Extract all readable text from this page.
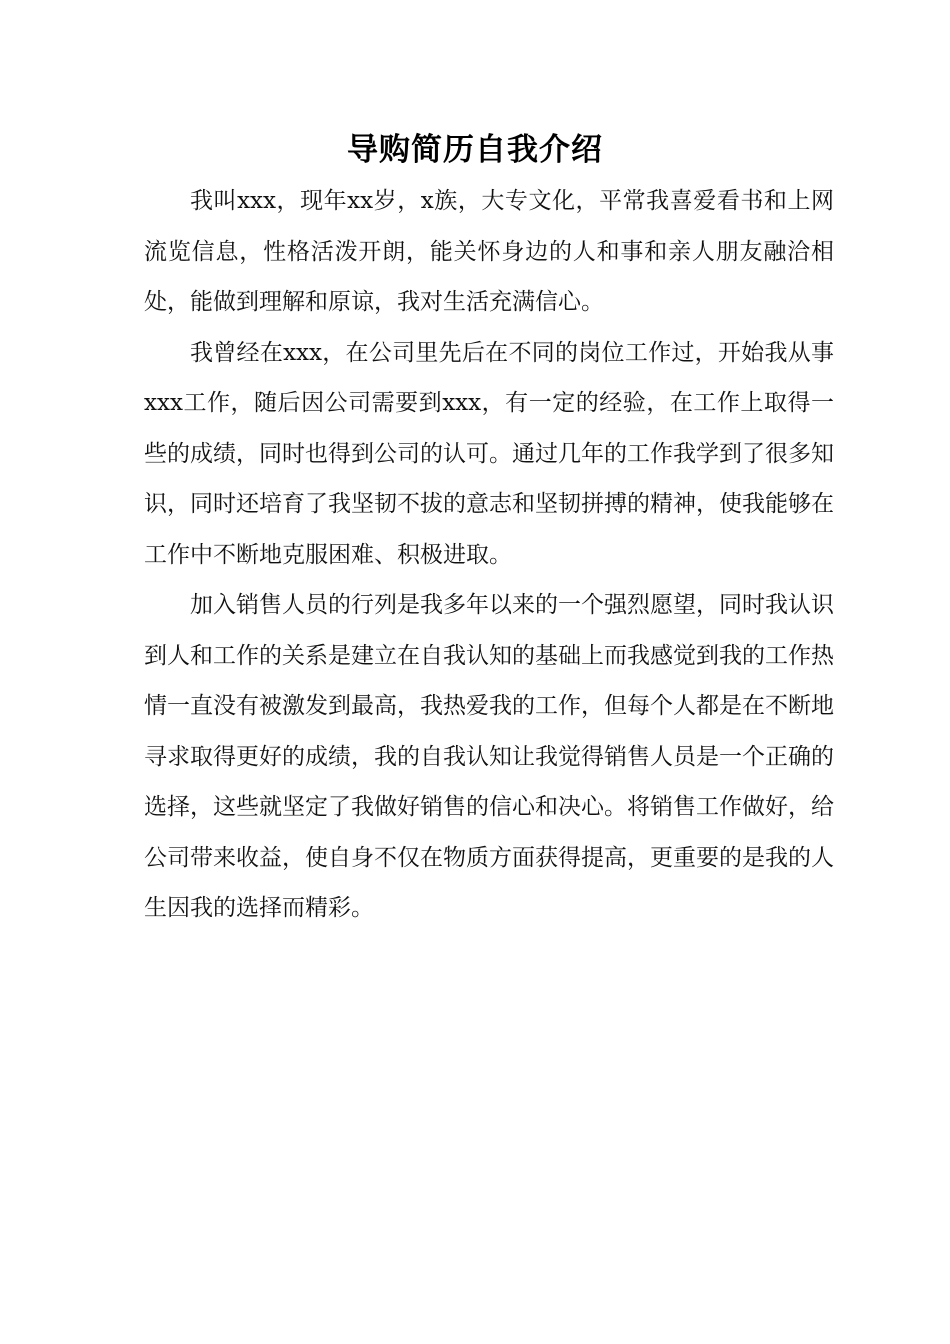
导购简历自我介绍

我叫xxx，现年xx岁，x族，大专文化，平常我喜爱看书和上网流览信息，性格活泼开朗，能关怀身边的人和事和亲人朋友融洽相处，能做到理解和原谅，我对生活充满信心。

我曾经在xxx，在公司里先后在不同的岗位工作过，开始我从事xxx工作，随后因公司需要到xxx，有一定的经验，在工作上取得一些的成绩，同时也得到公司的认可。通过几年的工作我学到了很多知识，同时还培育了我坚韧不拔的意志和坚韧拼搏的精神，使我能够在工作中不断地克服困难、积极进取。

加入销售人员的行列是我多年以来的一个强烈愿望，同时我认识到人和工作的关系是建立在自我认知的基础上而我感觉到我的工作热情一直没有被激发到最高，我热爱我的工作，但每个人都是在不断地寻求取得更好的成绩，我的自我认知让我觉得销售人员是一个正确的选择，这些就坚定了我做好销售的信心和决心。将销售工作做好，给公司带来收益，使自身不仅在物质方面获得提高，更重要的是我的人生因我的选择而精彩。
